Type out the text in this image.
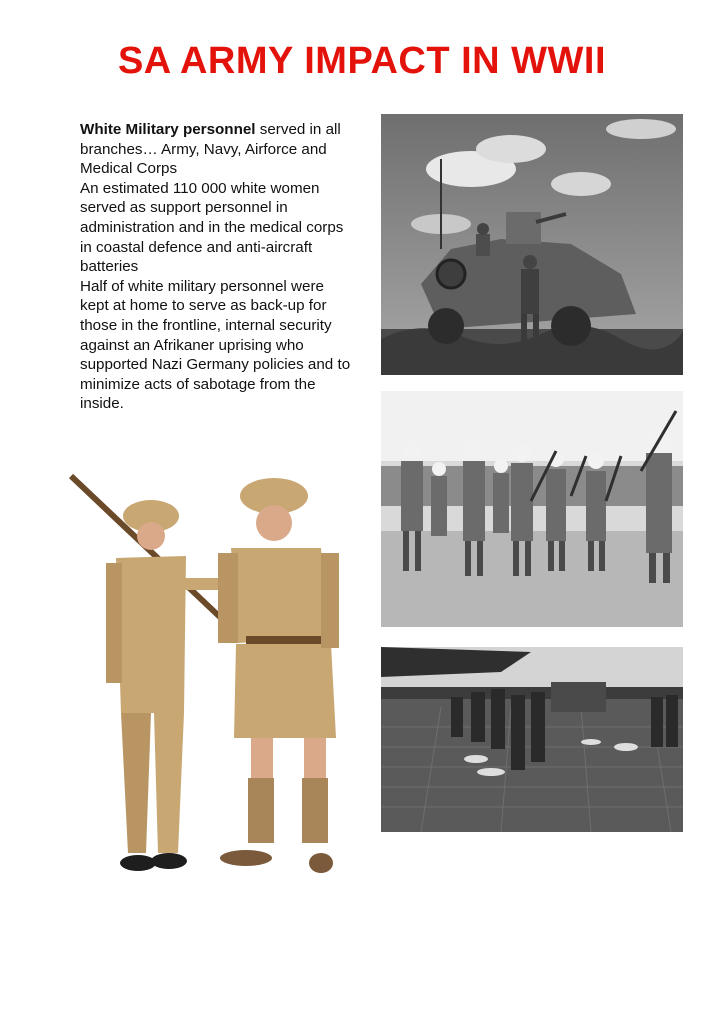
SA ARMY IMPACT IN WWII

White Military personnel served in all branches… Army, Navy, Airforce and Medical Corps

An estimated 110 000 white women served as support personnel in administration and in the medical corps in coastal defence and anti-aircraft batteries

Half of white military personnel were kept at home to serve as back-up for those in the frontline, internal security against an Afrikaner uprising who supported Nazi Germany policies and to minimize acts of sabotage from the inside.
